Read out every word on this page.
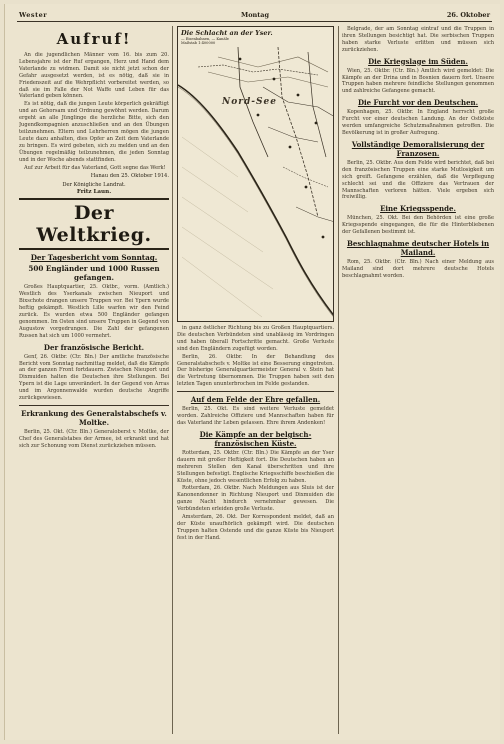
Wester	Montag	26. Oktober
Aufruf!

An die jugendlichen Männer vom 16. bis zum 20. Lebensjahre ist der Ruf ergangen, Herz und Hand dem Vaterlande zu widmen. Damit sie nicht jetzt schon der Gefahr ausgesetzt werden, ist es nötig, daß sie in Friedenszeit auf die Wehrpflicht vorbereitet werden, so daß sie im Falle der Not Waffe und Leben für das Vaterland geben können.

Es ist nötig, daß die jungen Leute körperlich gekräftigt und an Gehorsam und Ordnung gewöhnt werden. Darum ergeht an alle Jünglinge die herzliche Bitte, sich den Jugendkompagnien anzuschließen und an den Übungen teilzunehmen. Eltern und Lehrherren mögen die jungen Leute dazu anhalten, dies Opfer an Zeit dem Vaterlande zu bringen. Es wird gebeten, sich zu melden und an den Übungen regelmäßig teilzunehmen, die jeden Sonntag und in der Woche abends stattfinden.

Auf zur Arbeit für das Vaterland, Gott segne das Werk!

Hanau den 25. Oktober 1914.
Der Königliche Landrat.
Fritz Laun.
Der Weltkrieg.
Der Tagesbericht vom Sonntag.
500 Engländer und 1000 Russen gefangen.

Großes Hauptquartier, 25. Oktbr., vorm. (Amtlich.) Westlich des Yserkanals zwischen Nieuport und Bixschote drangen unsere Truppen vor. Bei Ypern wurde heftig gekämpft. Westlich Lille warfen wir den Feind zurück. Es wurden etwa 500 Engländer gefangen genommen. Im Osten sind unsere Truppen in Gegend von Augustow vorgedrungen. Die Zahl der gefangenen Russen hat sich um 1000 vermehrt.

Der französische Bericht.

Genf, 26. Oktbr. (Ctr. Bln.) Der amtliche französische Bericht vom Sonntag nachmittag meldet, daß die Kämpfe an der ganzen Front fortdauern. Zwischen Nieuport und Dixmuiden halten die Deutschen ihre Stellungen. Bei Ypern ist die Lage unverändert. In der Gegend von Arras und im Argonnenwalde wurden deutsche Angriffe zurückgewiesen.

Erkrankung des Generalstabschefs v. Moltke.

Berlin, 25. Okt. (Ctr. Bln.) Generaloberst v. Moltke, der Chef des Generalstabes der Armee, ist erkrankt und hat sich zur Schonung vom Dienst zurückziehen müssen.

Die Schlacht an der Yser.
— Eisenbahnen, — Kanäle
Maßstab 1:400000
Nord-See

in ganz östlicher Richtung bis zu Großen Hauptquartiers. Die deutschen Verbündeten sind unablässig im Vordringen und haben überall Fortschritte gemacht. Große Verluste sind den Engländern zugefügt worden.

Berlin, 26. Oktbr. In der Behandlung des Generalstabschefs v. Moltke ist eine Besserung eingetreten. Der bisherige Generalquartiermeister General v. Stein hat die Vertretung übernommen. Die Truppen haben seit den letzten Tagen ununterbrochen im Felde gestanden.

Auf dem Felde der Ehre gefallen.

Berlin, 25. Okt. Es sind weitere Verluste gemeldet worden. Zahlreiche Offiziere und Mannschaften haben für das Vaterland ihr Leben gelassen. Ehre ihrem Andenken!

Die Kämpfe an der belgisch-französischen Küste.

Rotterdam, 25. Oktbr. (Ctr. Bln.) Die Kämpfe an der Yser dauern mit großer Heftigkeit fort. Die Deutschen haben an mehreren Stellen den Kanal überschritten und ihre Stellungen befestigt. Englische Kriegsschiffe beschießen die Küste, ohne jedoch wesentlichen Erfolg zu haben.

Rotterdam, 26. Oktbr. Nach Meldungen aus Sluis ist der Kanonendonner in Richtung Nieuport und Dixmuiden die ganze Nacht hindurch vernehmbar gewesen. Die Verbündeten erleiden große Verluste.

Amsterdam, 26. Okt. Der Korrespondent meldet, daß an der Küste unaufhörlich gekämpft wird. Die deutschen Truppen halten Ostende und die ganze Küste bis Nieuport fest in der Hand.

Belgrade, der am Sonntag eintraf und die Truppen in ihren Stellungen besichtigt hat. Die serbischen Truppen haben starke Verluste erlitten und müssen sich zurückziehen.

Die Kriegslage im Süden.

Wien, 25. Oktbr. (Ctr. Bln.) Amtlich wird gemeldet: Die Kämpfe an der Drina und in Bosnien dauern fort. Unsere Truppen haben mehrere feindliche Stellungen genommen und zahlreiche Gefangene gemacht.

Die Furcht vor den Deutschen.

Kopenhagen, 25. Oktbr. In England herrscht große Furcht vor einer deutschen Landung. An der Ostküste werden umfangreiche Schutzmaßnahmen getroffen. Die Bevölkerung ist in großer Aufregung.

Vollständige Demoralisierung der Franzosen.

Berlin, 25. Oktbr. Aus dem Felde wird berichtet, daß bei den französischen Truppen eine starke Mutlosigkeit um sich greift. Gefangene erzählen, daß die Verpflegung schlecht sei und die Offiziere das Vertrauen der Mannschaften verloren hätten. Viele ergeben sich freiwillig.

Eine Kriegsspende.

München, 25. Okt. Bei den Behörden ist eine große Kriegsspende eingegangen, die für die Hinterbliebenen der Gefallenen bestimmt ist.

Beschlagnahme deutscher Hotels in Mailand.

Rom, 25. Oktbr. (Ctr. Bln.) Nach einer Meldung aus Mailand sind dort mehrere deutsche Hotels beschlagnahmt worden.
